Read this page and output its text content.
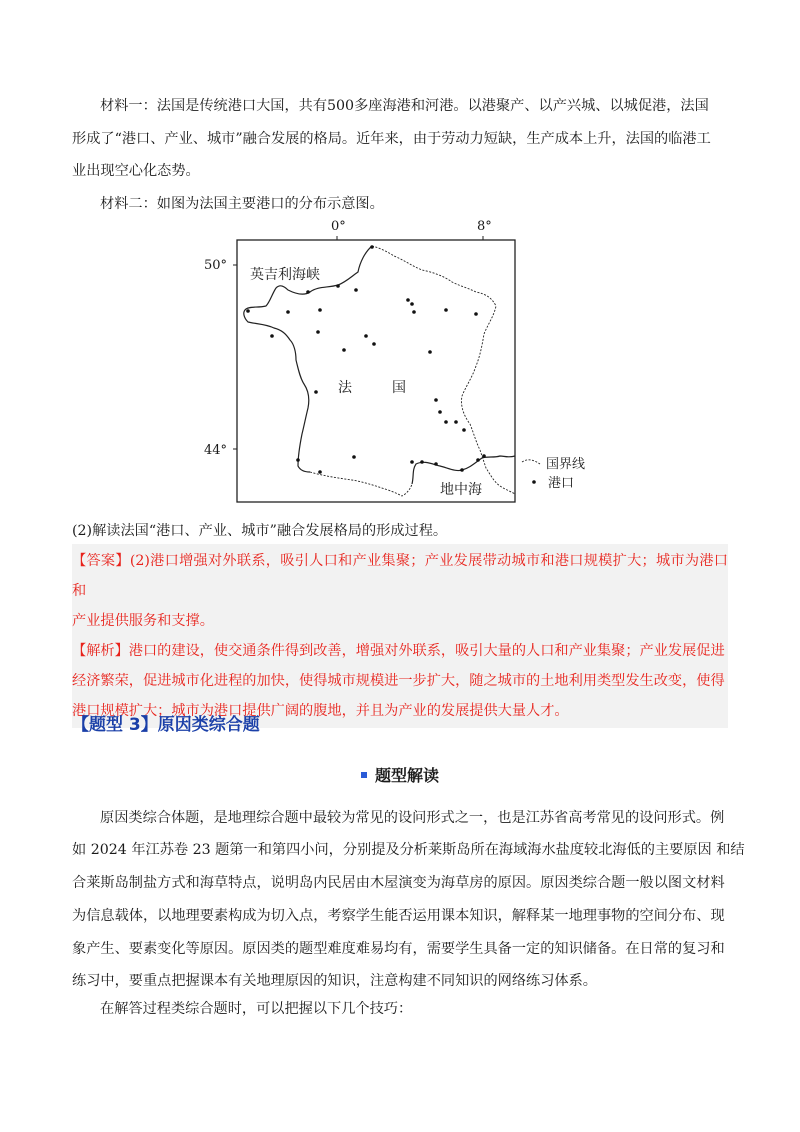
材料一：法国是传统港口大国，共有500多座海港和河港。以港聚产、以产兴城、以城促港，法国
形成了“港口、产业、城市”融合发展的格局。近年来，由于劳动力短缺，生产成本上升，法国的临港工
业出现空心化态势。
材料二：如图为法国主要港口的分布示意图。
0°	8°
50°
44°
英吉利海峡
法	国
地中海
国界线
港口
(2)解读法国“港口、产业、城市”融合发展格局的形成过程。
【答案】(2)港口增强对外联系，吸引人口和产业集聚；产业发展带动城市和港口规模扩大；城市为港口和
产业提供服务和支撑。
【解析】港口的建设，使交通条件得到改善，增强对外联系，吸引大量的人口和产业集聚；产业发展促进
经济繁荣，促进城市化进程的加快，使得城市规模进一步扩大，随之城市的土地利用类型发生改变，使得
港口规模扩大；城市为港口提供广阔的腹地，并且为产业的发展提供大量人才。
【题型 3】原因类综合题
题型解读
原因类综合体题，是地理综合题中最较为常见的设问形式之一，也是江苏省高考常见的设问形式。例
如 2024 年江苏卷 23 题第一和第四小问，分别提及分析莱斯岛所在海域海水盐度较北海低的主要原因 和结
合莱斯岛制盐方式和海草特点，说明岛内民居由木屋演变为海草房的原因。原因类综合题一般以图文材料
为信息载体，以地理要素构成为切入点，考察学生能否运用课本知识，解释某一地理事物的空间分布、现
象产生、要素变化等原因。原因类的题型难度难易均有，需要学生具备一定的知识储备。在日常的复习和
练习中，要重点把握课本有关地理原因的知识，注意构建不同知识的网络练习体系。
在解答过程类综合题时，可以把握以下几个技巧：
